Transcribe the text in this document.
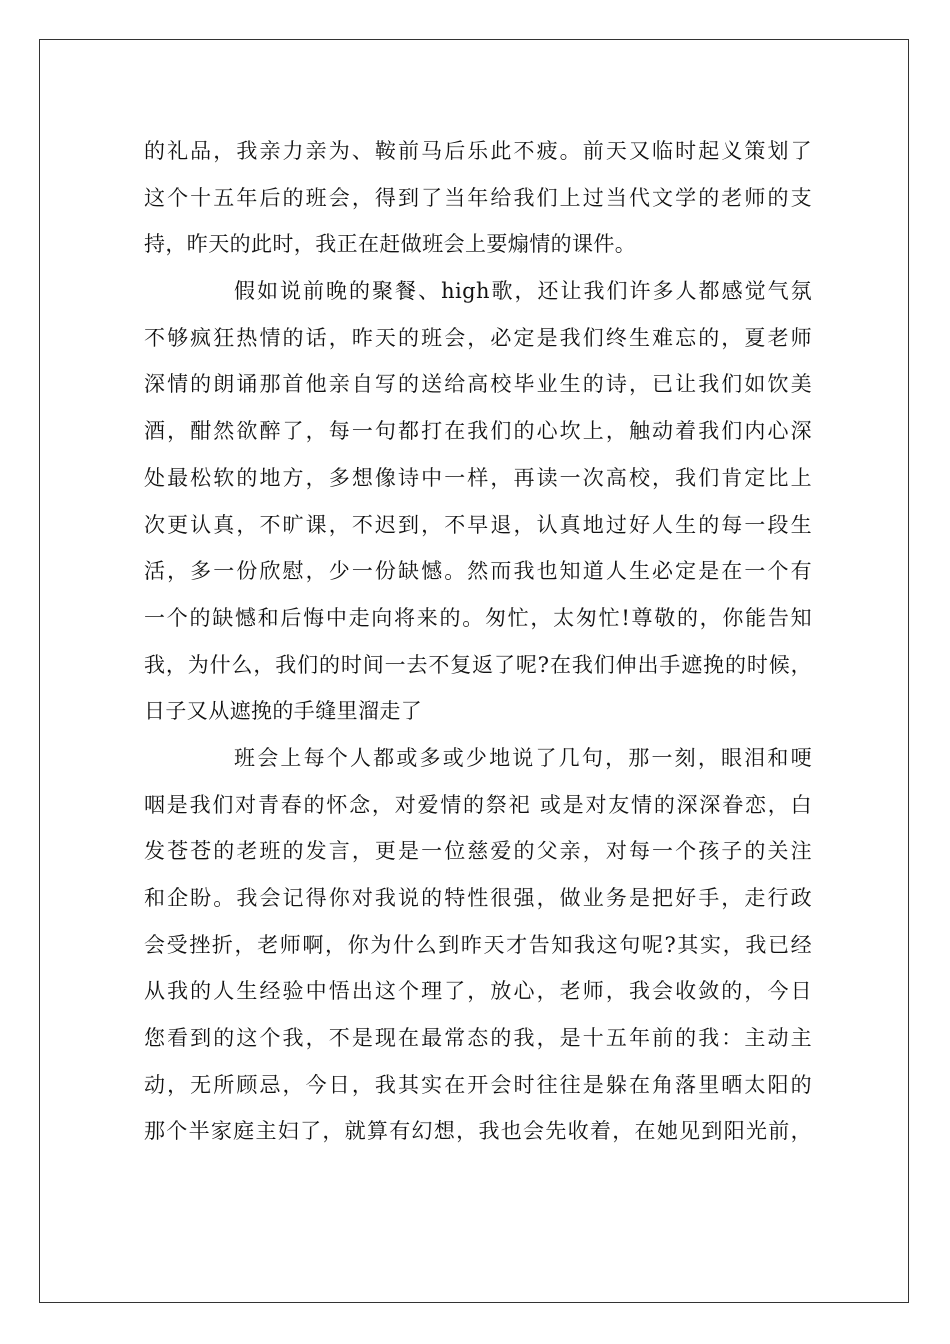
的礼品，我亲力亲为、鞍前马后乐此不疲。前天又临时起义策划了
这个十五年后的班会，得到了当年给我们上过当代文学的老师的支
持，昨天的此时，我正在赶做班会上要煽情的课件。
假如说前晚的聚餐、high歌，还让我们许多人都感觉气氛
不够疯狂热情的话，昨天的班会，必定是我们终生难忘的，夏老师
深情的朗诵那首他亲自写的送给高校毕业生的诗，已让我们如饮美
酒，酣然欲醉了，每一句都打在我们的心坎上，触动着我们内心深
处最松软的地方，多想像诗中一样，再读一次高校，我们肯定比上
次更认真，不旷课，不迟到，不早退，认真地过好人生的每一段生
活，多一份欣慰，少一份缺憾。然而我也知道人生必定是在一个有
一个的缺憾和后悔中走向将来的。匆忙，太匆忙!尊敬的，你能告知
我，为什么，我们的时间一去不复返了呢?在我们伸出手遮挽的时候，
日子又从遮挽的手缝里溜走了
班会上每个人都或多或少地说了几句，那一刻，眼泪和哽
咽是我们对青春的怀念，对爱情的祭祀 或是对友情的深深眷恋，白
发苍苍的老班的发言，更是一位慈爱的父亲，对每一个孩子的关注
和企盼。我会记得你对我说的特性很强，做业务是把好手，走行政
会受挫折，老师啊，你为什么到昨天才告知我这句呢?其实，我已经
从我的人生经验中悟出这个理了，放心，老师，我会收敛的，今日
您看到的这个我，不是现在最常态的我，是十五年前的我：主动主
动，无所顾忌，今日，我其实在开会时往往是躲在角落里晒太阳的
那个半家庭主妇了，就算有幻想，我也会先收着，在她见到阳光前，
